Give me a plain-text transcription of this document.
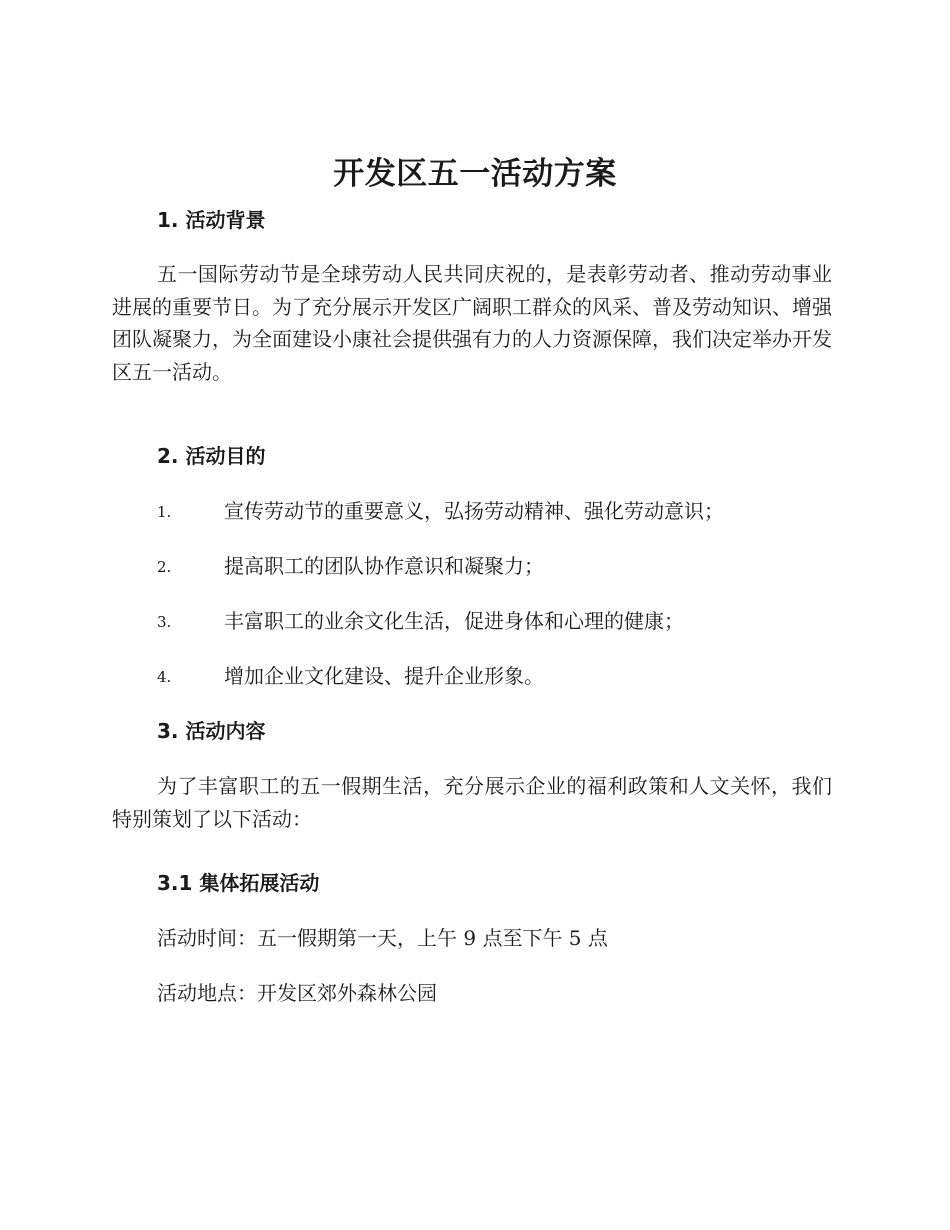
开发区五一活动方案
1. 活动背景

五一国际劳动节是全球劳动人民共同庆祝的，是表彰劳动者、推动劳动事业进展的重要节日。为了充分展示开发区广阔职工群众的风采、普及劳动知识、增强团队凝聚力，为全面建设小康社会提供强有力的人力资源保障，我们决定举办开发区五一活动。

2. 活动目的
1.	宣传劳动节的重要意义，弘扬劳动精神、强化劳动意识；
2.	提高职工的团队协作意识和凝聚力；
3.	丰富职工的业余文化生活，促进身体和心理的健康；
4.	增加企业文化建设、提升企业形象。
3. 活动内容

为了丰富职工的五一假期生活，充分展示企业的福利政策和人文关怀，我们特别策划了以下活动：

3.1 集体拓展活动

活动时间：五一假期第一天，上午 9 点至下午 5 点

活动地点：开发区郊外森林公园
